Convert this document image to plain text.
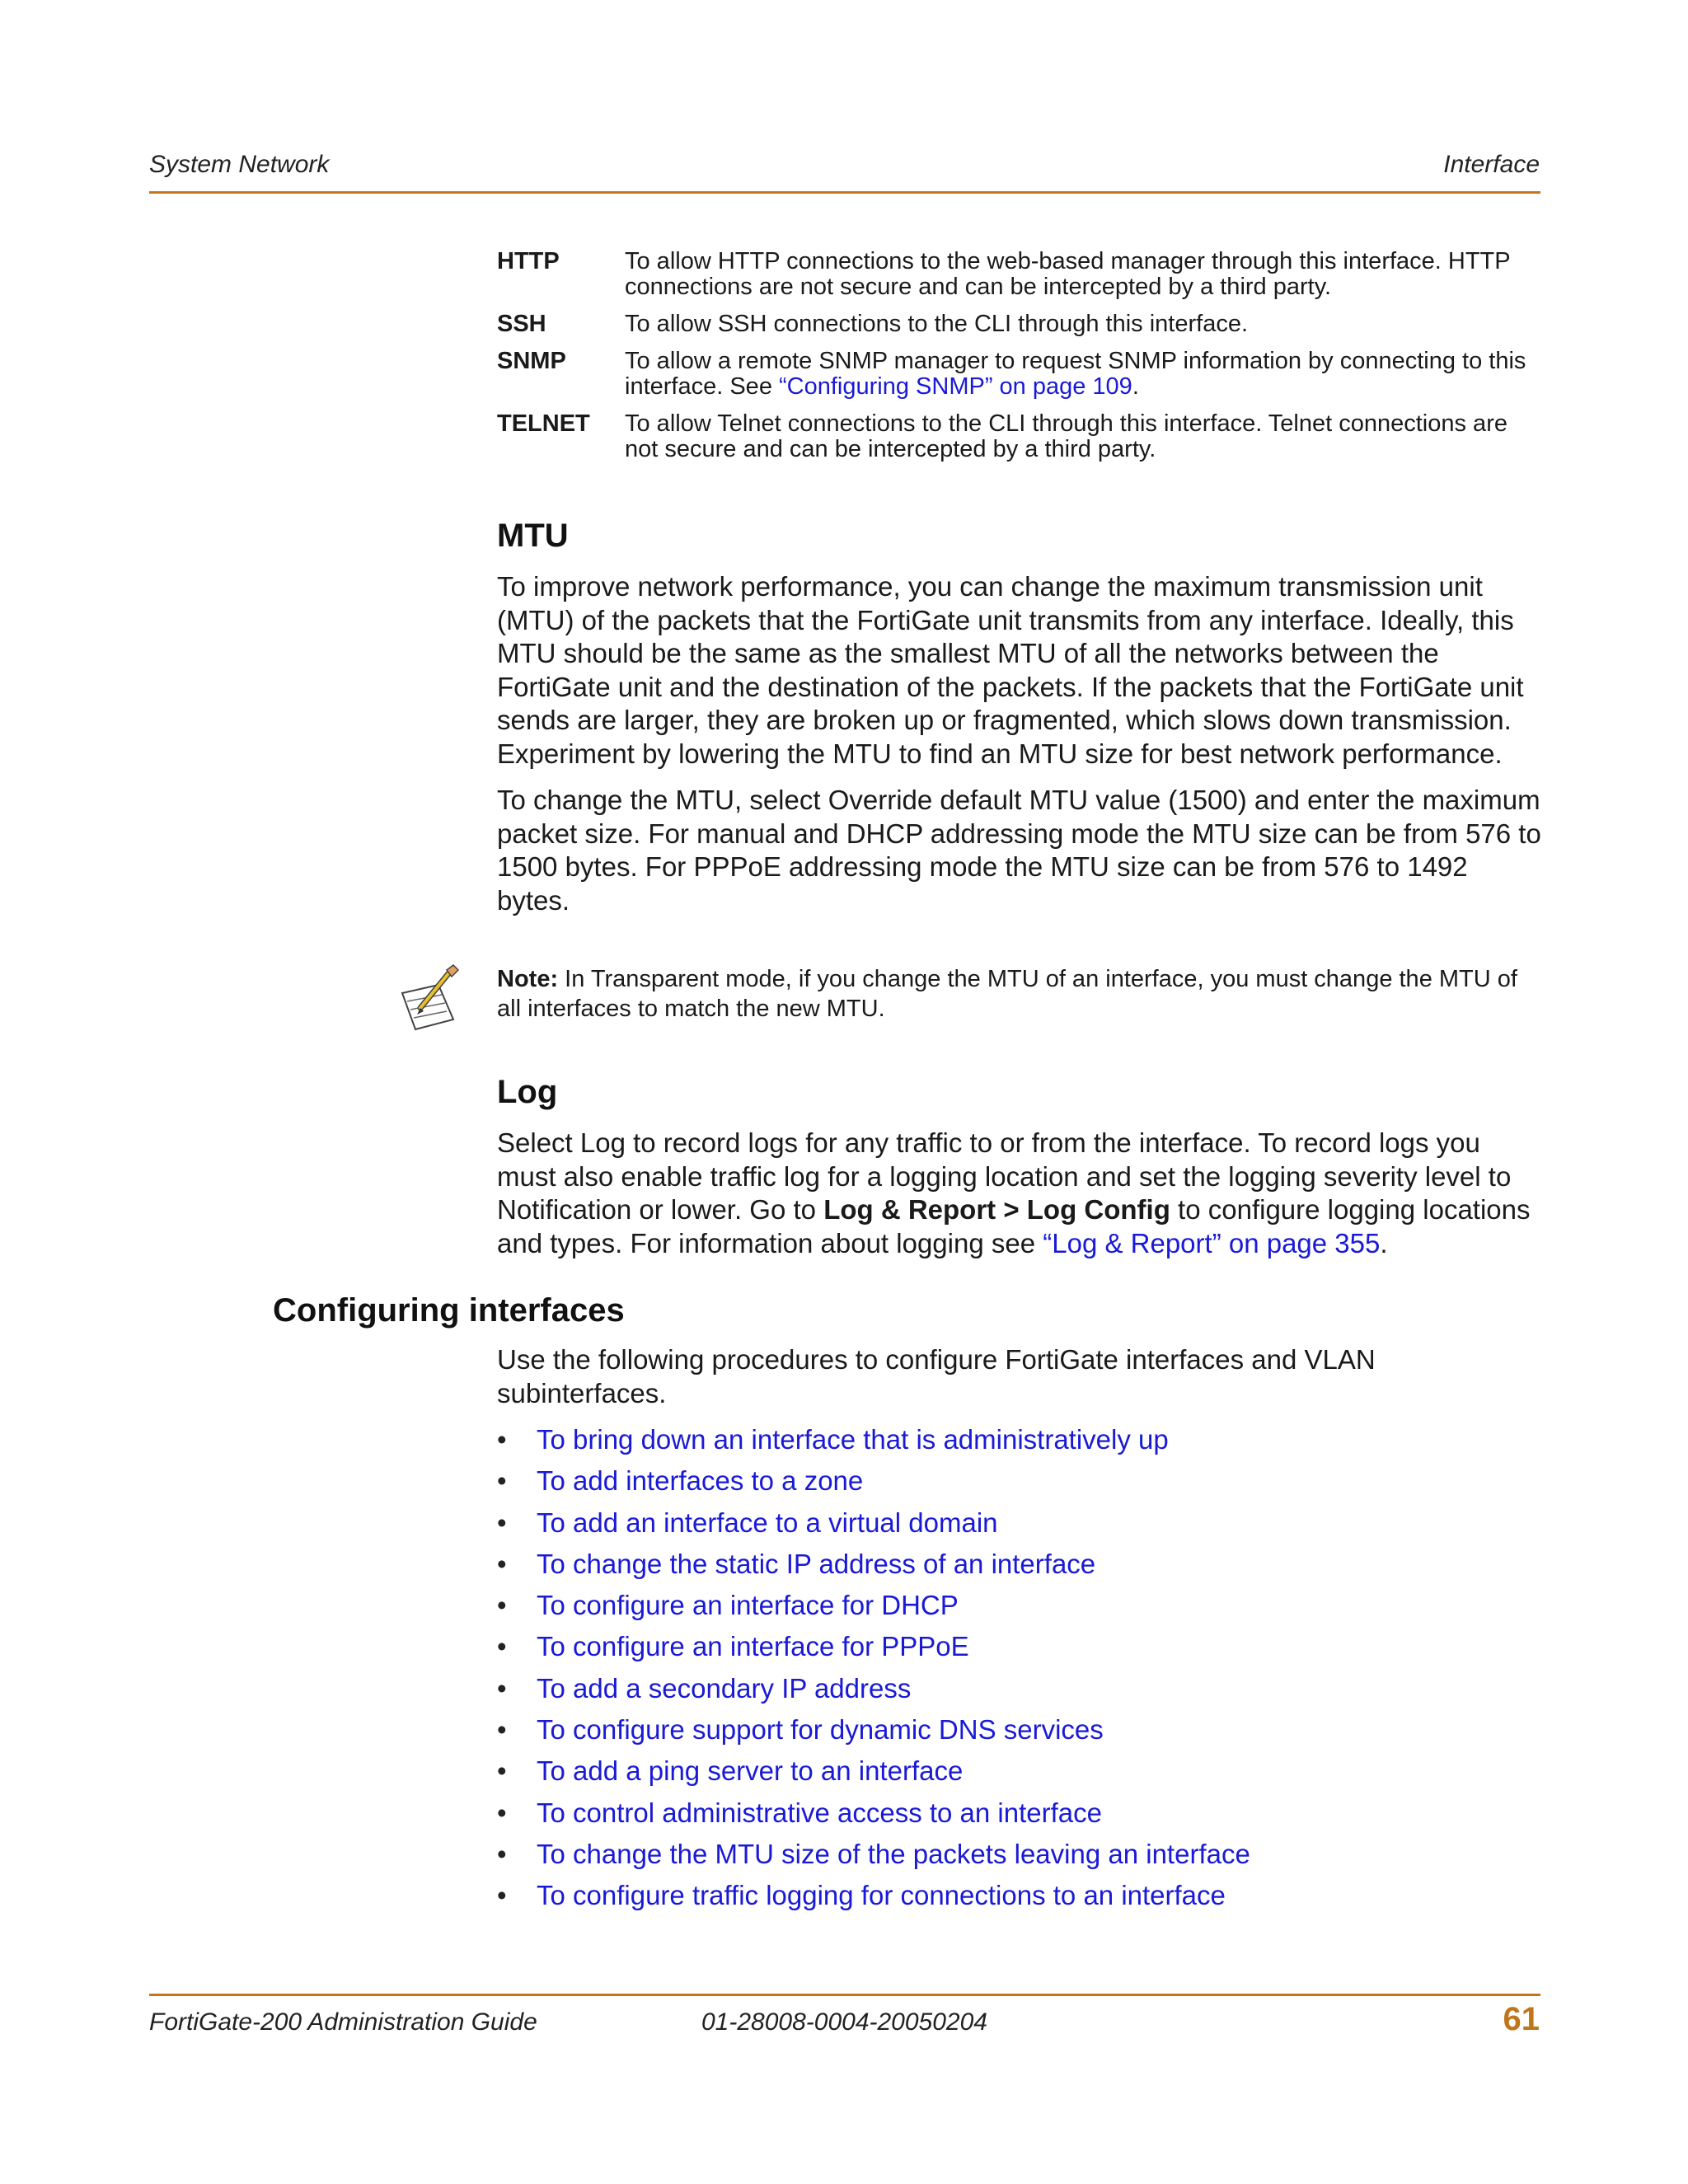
System Network	Interface
HTTP	To allow HTTP connections to the web-based manager through this interface. HTTP connections are not secure and can be intercepted by a third party.
SSH	To allow SSH connections to the CLI through this interface.
SNMP	To allow a remote SNMP manager to request SNMP information by connecting to this interface. See “Configuring SNMP” on page 109.
TELNET	To allow Telnet connections to the CLI through this interface. Telnet connections are not secure and can be intercepted by a third party.
MTU

To improve network performance, you can change the maximum transmission unit (MTU) of the packets that the FortiGate unit transmits from any interface. Ideally, this MTU should be the same as the smallest MTU of all the networks between the FortiGate unit and the destination of the packets. If the packets that the FortiGate unit sends are larger, they are broken up or fragmented, which slows down transmission. Experiment by lowering the MTU to find an MTU size for best network performance.

To change the MTU, select Override default MTU value (1500) and enter the maximum packet size. For manual and DHCP addressing mode the MTU size can be from 576 to 1500 bytes. For PPPoE addressing mode the MTU size can be from 576 to 1492 bytes.

Note: In Transparent mode, if you change the MTU of an interface, you must change the MTU of all interfaces to match the new MTU.
Log

Select Log to record logs for any traffic to or from the interface. To record logs you must also enable traffic log for a logging location and set the logging severity level to Notification or lower. Go to Log & Report > Log Config to configure logging locations and types. For information about logging see “Log & Report” on page 355.

Configuring interfaces

Use the following procedures to configure FortiGate interfaces and VLAN subinterfaces.

• To bring down an interface that is administratively up
• To add interfaces to a zone
• To add an interface to a virtual domain
• To change the static IP address of an interface
• To configure an interface for DHCP
• To configure an interface for PPPoE
• To add a secondary IP address
• To configure support for dynamic DNS services
• To add a ping server to an interface
• To control administrative access to an interface
• To change the MTU size of the packets leaving an interface
• To configure traffic logging for connections to an interface
FortiGate-200 Administration Guide	01-28008-0004-20050204	61
